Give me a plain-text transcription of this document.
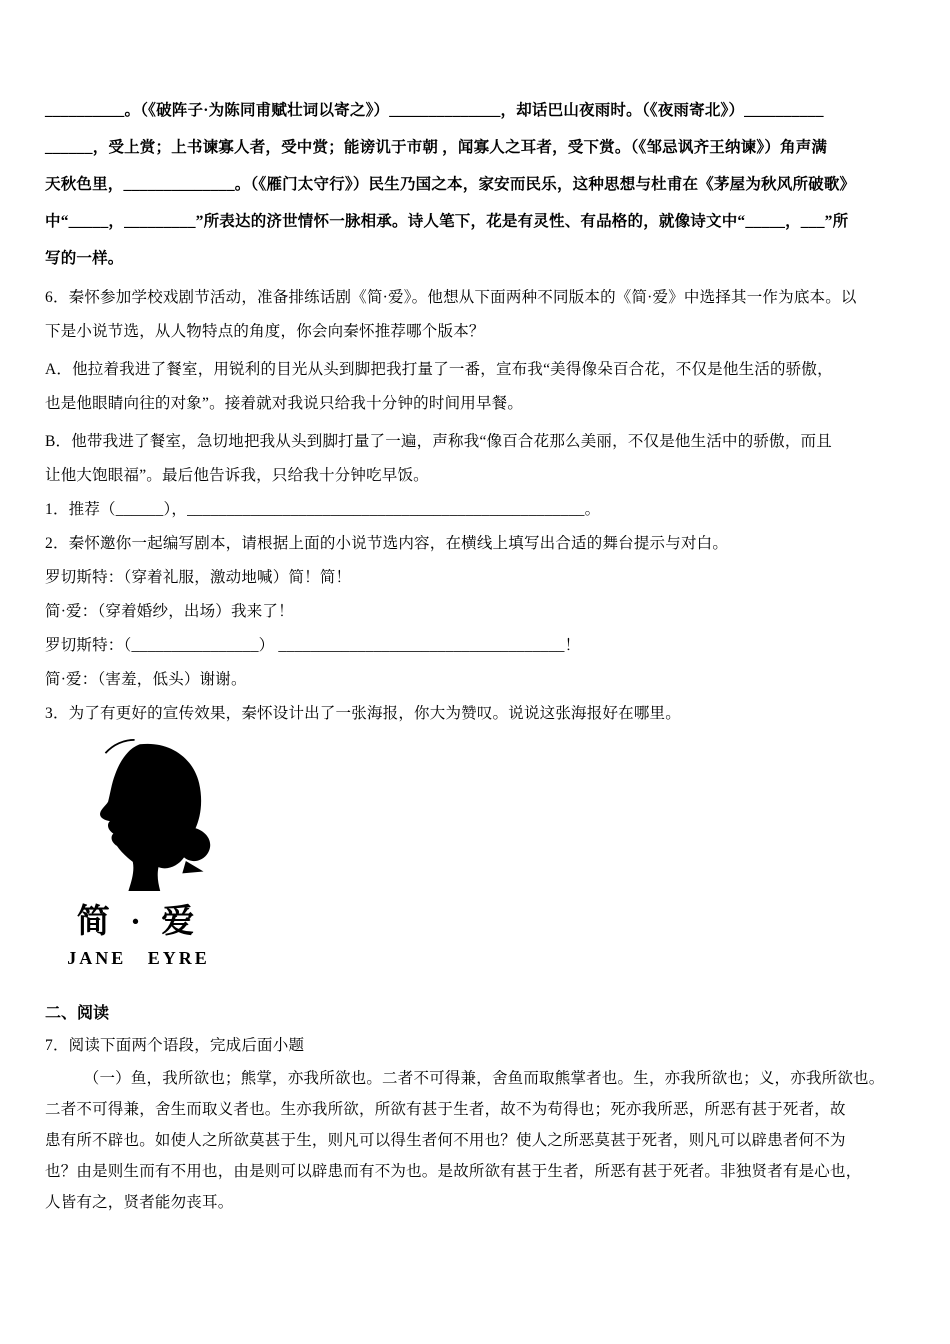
__________。（《破阵子·为陈同甫赋壮词以寄之》）______________，却话巴山夜雨时。（《夜雨寄北》）__________

______，受上赏；上书谏寡人者，受中赏；能谤讥于市朝 ，闻寡人之耳者，受下赏。（《邹忌讽齐王纳谏》）角声满

天秋色里，______________。（《雁门太守行》）民生乃国之本，家安而民乐，这种思想与杜甫在《茅屋为秋风所破歌》

中“_____，_________”所表达的济世情怀一脉相承。诗人笔下，花是有灵性、有品格的，就像诗文中“_____，___”所

写的一样。

6．秦怀参加学校戏剧节活动，准备排练话剧《简·爱》。他想从下面两种不同版本的《简·爱》中选择其一作为底本。以

下是小说节选，从人物特点的角度，你会向秦怀推荐哪个版本？

A．他拉着我进了餐室，用锐利的目光从头到脚把我打量了一番，宣布我“美得像朵百合花，不仅是他生活的骄傲，

也是他眼睛向往的对象”。接着就对我说只给我十分钟的时间用早餐。

B．他带我进了餐室，急切地把我从头到脚打量了一遍，声称我“像百合花那么美丽，不仅是他生活中的骄傲，而且

让他大饱眼福”。最后他告诉我，只给我十分钟吃早饭。

1．推荐（______），__________________________________________________。

2．秦怀邀你一起编写剧本，请根据上面的小说节选内容，在横线上填写出合适的舞台提示与对白。

罗切斯特：（穿着礼服，激动地喊）简！简！

简·爱：（穿着婚纱，出场）我来了！

罗切斯特：（________________） ____________________________________！

简·爱：（害羞，低头）谢谢。

3．为了有更好的宣传效果，秦怀设计出了一张海报，你大为赞叹。说说这张海报好在哪里。

简 · 爱
JANE EYRE
二、阅读

7．阅读下面两个语段，完成后面小题

（一）鱼，我所欲也；熊掌，亦我所欲也。二者不可得兼，舍鱼而取熊掌者也。生，亦我所欲也；义，亦我所欲也。

二者不可得兼，舍生而取义者也。生亦我所欲，所欲有甚于生者，故不为苟得也；死亦我所恶，所恶有甚于死者，故

患有所不辟也。如使人之所欲莫甚于生，则凡可以得生者何不用也？使人之所恶莫甚于死者，则凡可以辟患者何不为

也？由是则生而有不用也，由是则可以辟患而有不为也。是故所欲有甚于生者，所恶有甚于死者。非独贤者有是心也，

人皆有之，贤者能勿丧耳。
